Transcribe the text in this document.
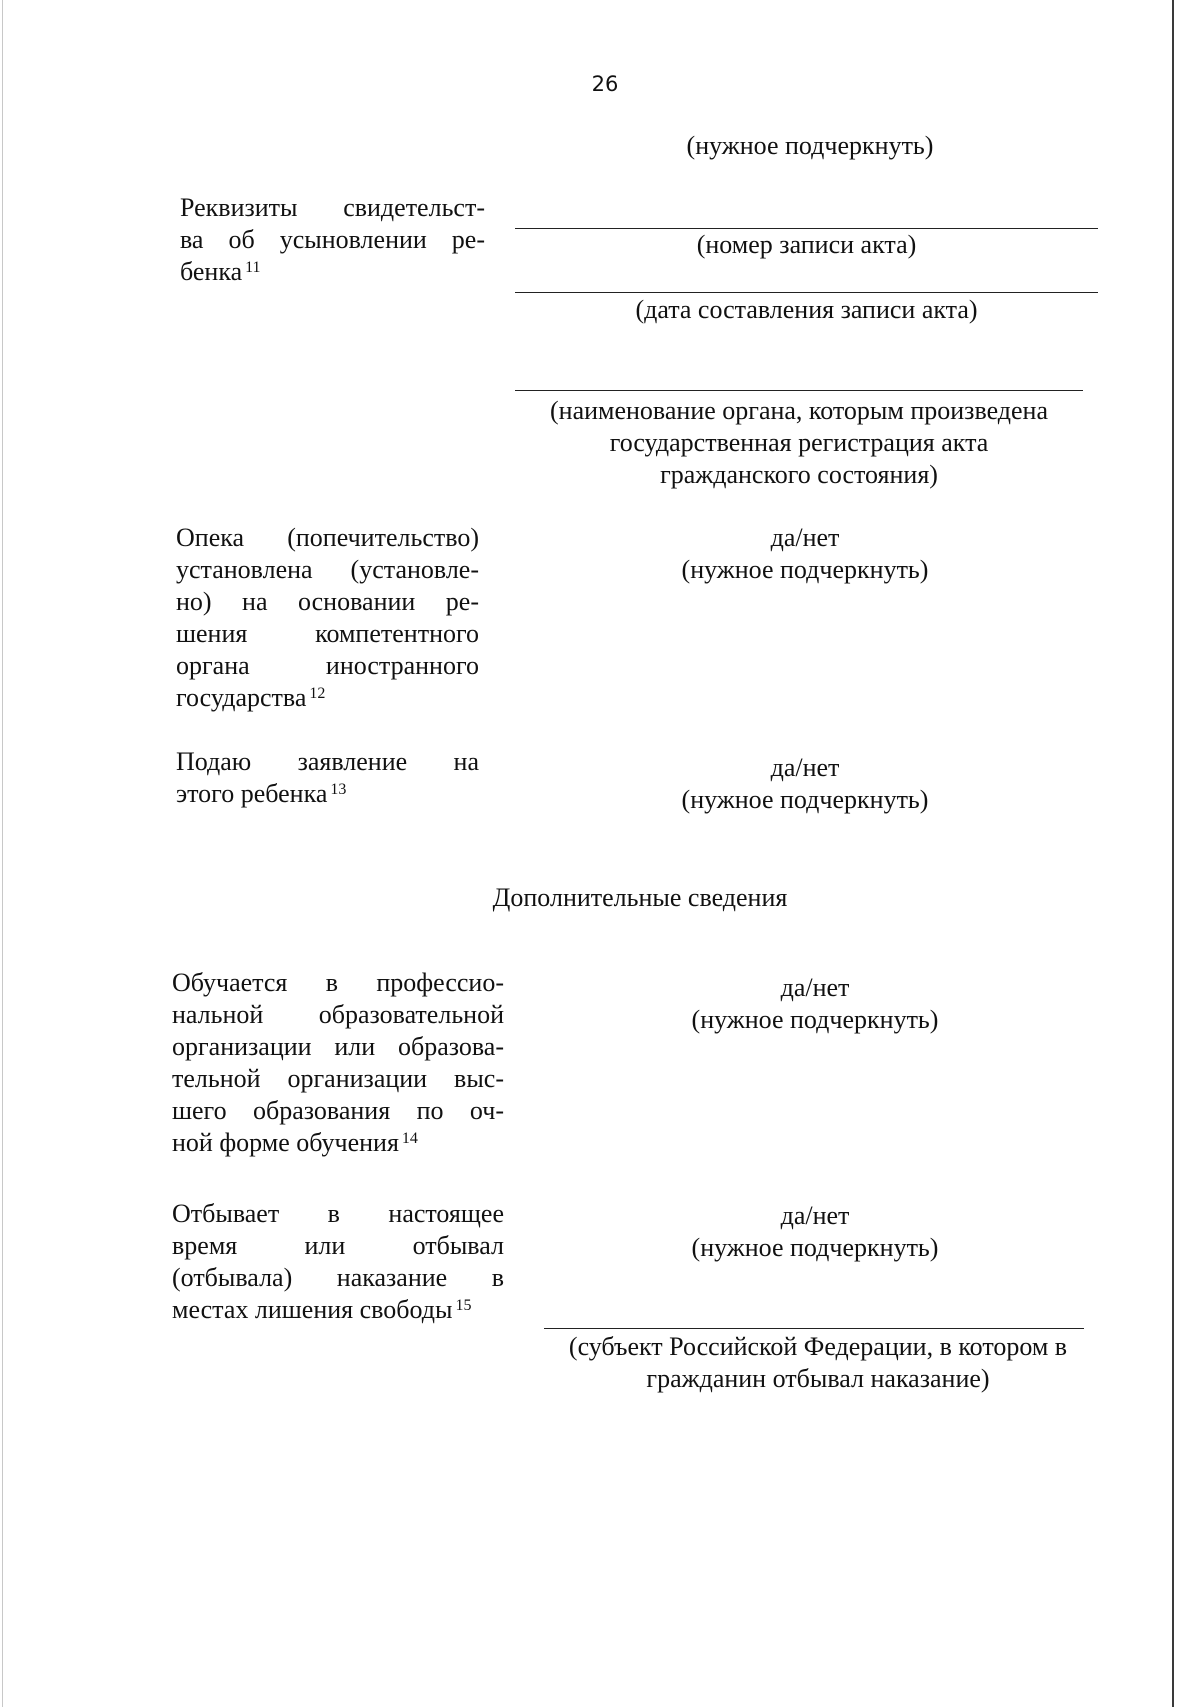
26
(нужное подчеркнуть)
Реквизиты свидетельст-
ва об усыновлении ре-
бенка $^{11}$
(номер записи акта)
(дата составления записи акта)
(наименование органа, которым произведена
государственная регистрация акта
гражданского состояния)
Опека (попечительство)
установлена (установле-
но) на основании ре-
шения компетентного
органа иностранного
государства $^{12}$
да/нет
(нужное подчеркнуть)
Подаю заявление на
этого ребенка $^{13}$
да/нет
(нужное подчеркнуть)
Дополнительные сведения
Обучается в профессио-
нальной образовательной
организации или образова-
тельной организации выс-
шего образования по оч-
ной форме обучения $^{14}$
да/нет
(нужное подчеркнуть)
Отбывает в настоящее
время или отбывал
(отбывала) наказание в
местах лишения свободы $^{15}$
да/нет
(нужное подчеркнуть)
(субъект Российской Федерации, в котором в
гражданин отбывал наказание)
